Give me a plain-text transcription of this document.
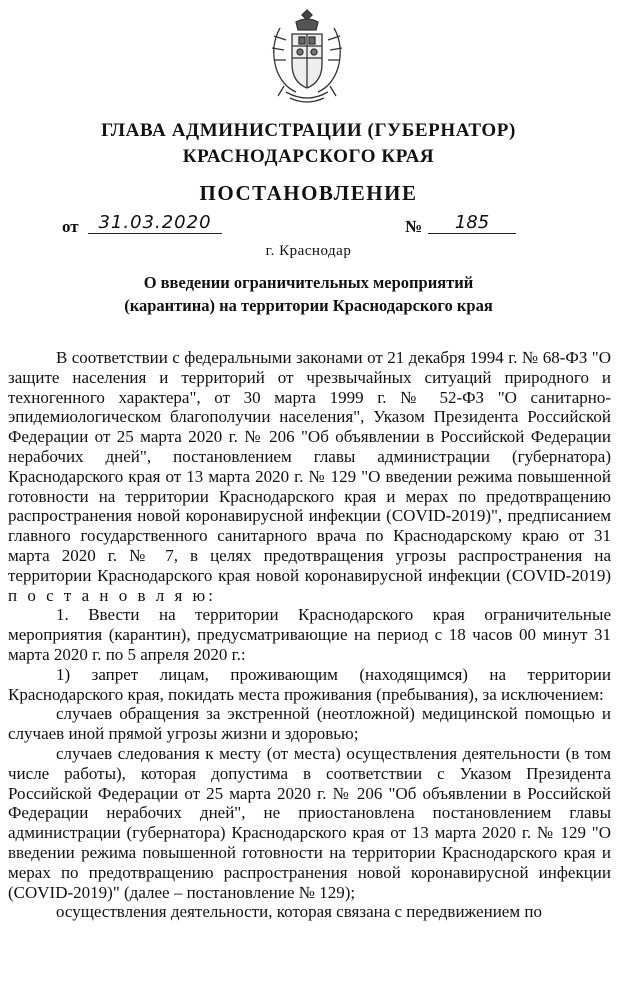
ГЛАВА АДМИНИСТРАЦИИ (ГУБЕРНАТОР)
КРАСНОДАРСКОГО КРАЯ
ПОСТАНОВЛЕНИЕ
от	31.03.2020	№	185
г. Краснодар
О введении ограничительных мероприятий
(карантина) на территории Краснодарского края

В соответствии с федеральными законами от 21 декабря 1994 г. № 68-ФЗ "О защите населения и территорий от чрезвычайных ситуаций природного и техногенного характера", от 30 марта 1999 г. № 52-ФЗ "О санитарно-эпидемиологическом благополучии населения", Указом Президента Российской Федерации от 25 марта 2020 г. № 206 "Об объявлении в Российской Федерации нерабочих дней", постановлением главы администрации (губернатора) Краснодарского края от 13 марта 2020 г. № 129 "О введении режима повышенной готовности на территории Краснодарского края и мерах по предотвращению распространения новой коронавирусной инфекции (COVID-2019)", предписанием главного государственного санитарного врача по Краснодарскому краю от 31 марта 2020 г. № 7, в целях предотвращения угрозы распространения на территории Краснодарского края новой коронавирусной инфекции (COVID-2019) п о с т а н о в л я ю:

1. Ввести на территории Краснодарского края ограничительные мероприятия (карантин), предусматривающие на период с 18 часов 00 минут 31 марта 2020 г. по 5 апреля 2020 г.:

1) запрет лицам, проживающим (находящимся) на территории Краснодарского края, покидать места проживания (пребывания), за исключением:

случаев обращения за экстренной (неотложной) медицинской помощью и случаев иной прямой угрозы жизни и здоровью;

случаев следования к месту (от места) осуществления деятельности (в том числе работы), которая допустима в соответствии с Указом Президента Российской Федерации от 25 марта 2020 г. № 206 "Об объявлении в Российской Федерации нерабочих дней", не приостановлена постановлением главы администрации (губернатора) Краснодарского края от 13 марта 2020 г. № 129 "О введении режима повышенной готовности на территории Краснодарского края и мерах по предотвращению распространения новой коронавирусной инфекции (COVID-2019)" (далее – постановление № 129);

осуществления деятельности, которая связана с передвижением по
